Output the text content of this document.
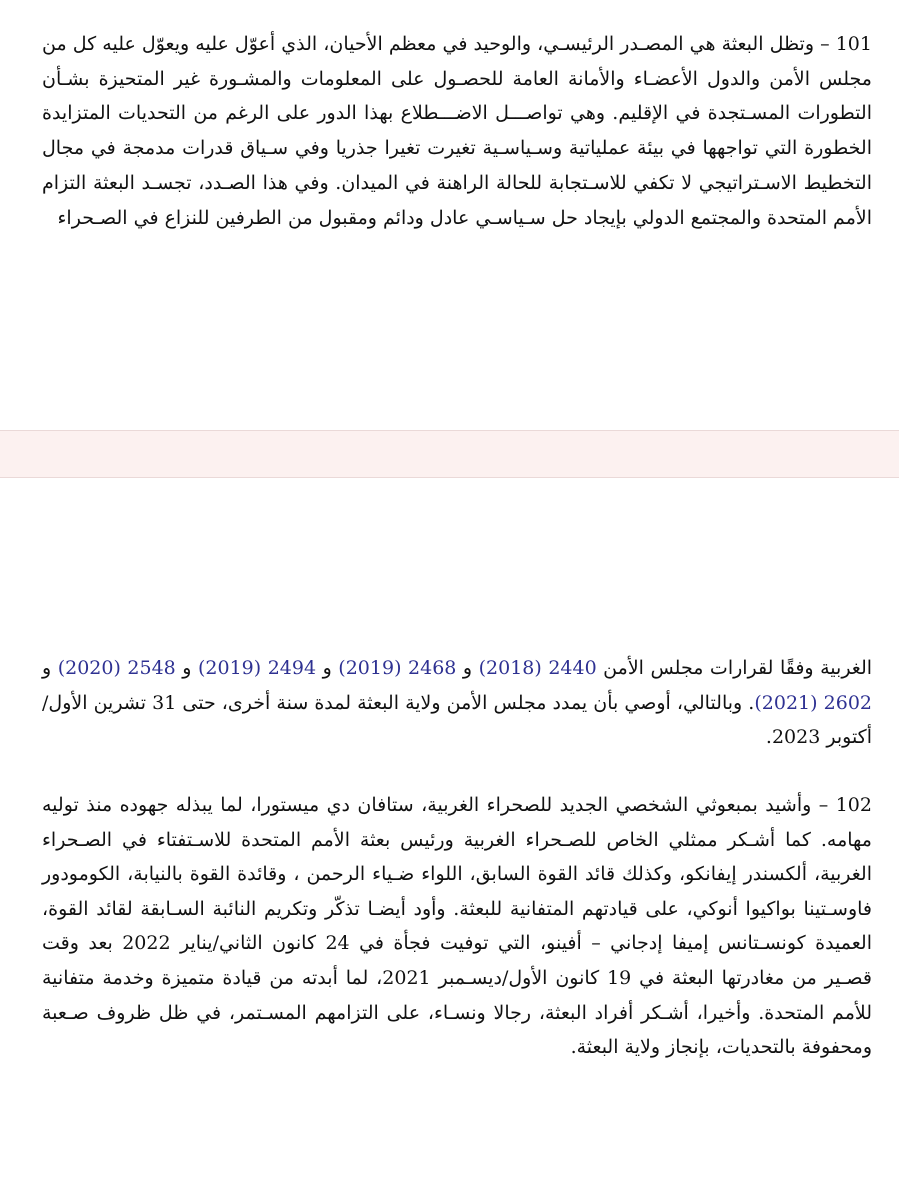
101 – وتظل البعثة هي المصـدر الرئيسـي، والوحيد في معظم الأحيان، الذي أعوّل عليه ويعوّل عليه كل من مجلس الأمن والدول الأعضـاء والأمانة العامة للحصـول على المعلومات والمشـورة غير المتحيزة بشـأن التطورات المسـتجدة في الإقليم. وهي تواصـــل الاضـــطلاع بهذا الدور على الرغم من التحديات المتزايدة الخطورة التي تواجهها في بيئة عملياتية وسـياسـية تغيرت تغيرا جذريا وفي سـياق قدرات مدمجة في مجال التخطيط الاسـتراتيجي لا تكفي للاسـتجابة للحالة الراهنة في الميدان. وفي هذا الصـدد، تجسـد البعثة التزام الأمم المتحدة والمجتمع الدولي بإيجاد حل سـياسـي عادل ودائم ومقبول من الطرفين للنزاع في الصـحراء

الغربية وفقًا لقرارات مجلس الأمن 2440 (2018) و 2468 (2019) و 2494 (2019) و 2548 (2020) و 2602 (2021). وبالتالي، أوصي بأن يمدد مجلس الأمن ولاية البعثة لمدة سنة أخرى، حتى 31 تشرين الأول/أكتوبر 2023.

102 – وأشيد بمبعوثي الشخصي الجديد للصحراء الغربية، ستافان دي ميستورا، لما يبذله جهوده منذ توليه مهامه. كما أشـكر ممثلي الخاص للصـحراء الغربية ورئيس بعثة الأمم المتحدة للاسـتفتاء في الصـحراء الغربية، ألكسندر إيفانكو، وكذلك قائد القوة السابق، اللواء ضـياء الرحمن ، وقائدة القوة بالنيابة، الكومودور فاوسـتينا بواكيوا أنوكي، على قيادتهم المتفانية للبعثة. وأود أيضـا تذكّر وتكريم النائبة السـابقة لقائد القوة، العميدة كونسـتانس إميفا إدجاني – أفينو، التي توفيت فجأة في 24 كانون الثاني/يناير 2022 بعد وقت قصـير من مغادرتها البعثة في 19 كانون الأول/ديسـمبر 2021، لما أبدته من قيادة متميزة وخدمة متفانية للأمم المتحدة. وأخيرا، أشـكر أفراد البعثة، رجالا ونسـاء، على التزامهم المسـتمر، في ظل ظروف صـعبة ومحفوفة بالتحديات، بإنجاز ولاية البعثة.
